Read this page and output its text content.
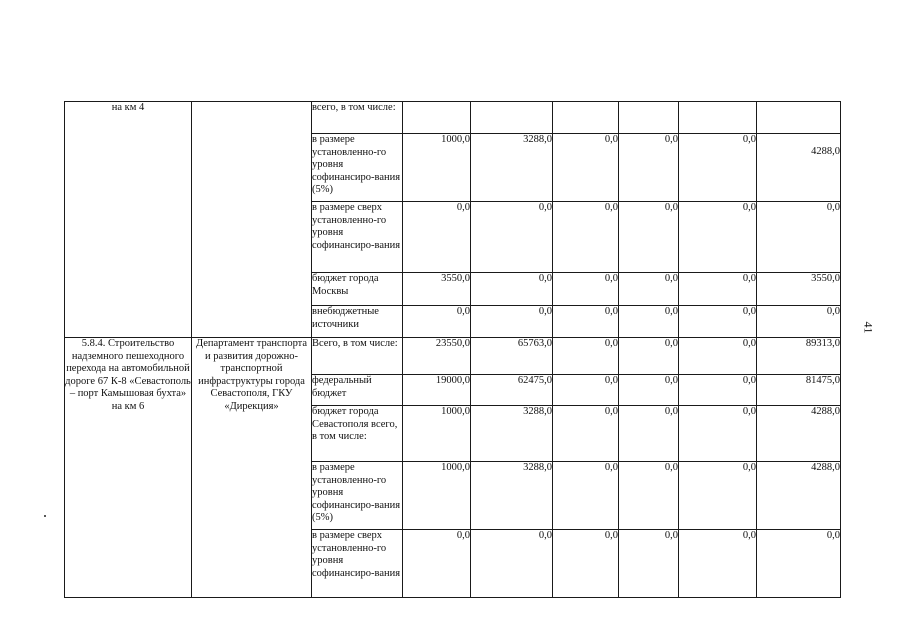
на км 4		всего, в том числе:						
		в размере установленно-го уровня софинансиро-вания (5%)	1000,0	3288,0	0,0	0,0	0,0	4288,0
		в размере сверх установленно-го уровня софинансиро-вания	0,0	0,0	0,0	0,0	0,0	0,0
		бюджет города Москвы	3550,0	0,0	0,0	0,0	0,0	3550,0
		внебюджетные источники	0,0	0,0	0,0	0,0	0,0	0,0
5.8.4. Строительство надземного пешеходного перехода на автомобильной дороге 67 К-8 «Севастополь – порт Камышовая бухта» на км 6	Департамент транспорта и развития дорожно-транспортной инфраструктуры города Севастополя, ГКУ «Дирекция»	Всего, в том числе:	23550,0	65763,0	0,0	0,0	0,0	89313,0
		федеральный бюджет	19000,0	62475,0	0,0	0,0	0,0	81475,0
		бюджет города Севастополя всего, в том числе:	1000,0	3288,0	0,0	0,0	0,0	4288,0
		в размере установленно-го уровня софинансиро-вания (5%)	1000,0	3288,0	0,0	0,0	0,0	4288,0
		в размере сверх установленно-го уровня софинансиро-вания	0,0	0,0	0,0	0,0	0,0	0,0
41
